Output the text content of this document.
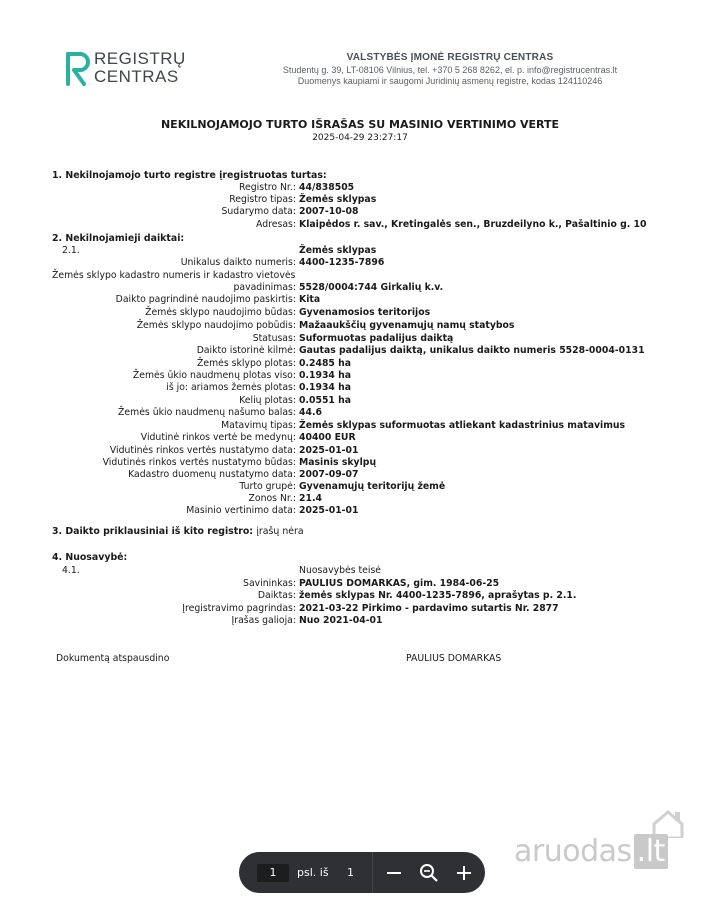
REGISTRŲ
CENTRAS
VALSTYBĖS ĮMONĖ REGISTRŲ CENTRAS
Studentų g. 39, LT-08106 Vilnius, tel. +370 5 268 8262, el. p. info@registrucentras.lt
Duomenys kaupiami ir saugomi Juridinių asmenų registre, kodas 124110246
NEKILNOJAMOJO TURTO IŠRAŠAS SU MASINIO VERTINIMO VERTE
2025-04-29 23:27:17
1. Nekilnojamojo turto registre įregistruotas turtas:
Registro Nr.: 44/838505
Registro tipas: Žemės sklypas
Sudarymo data: 2007-10-08
Adresas: Klaipėdos r. sav., Kretingalės sen., Bruzdeilyno k., Pašaltinio g. 10
2. Nekilnojamieji daiktai:
2.1.	Žemės sklypas
Unikalus daikto numeris: 4400-1235-7896
Žemės sklypo kadastro numeris ir kadastro vietovės
pavadinimas: 5528/0004:744 Girkalių k.v.
Daikto pagrindinė naudojimo paskirtis: Kita
Žemės sklypo naudojimo būdas: Gyvenamosios teritorijos
Žemės sklypo naudojimo pobūdis: Mažaaukščių gyvenamųjų namų statybos
Statusas: Suformuotas padalijus daiktą
Daikto istorinė kilmė: Gautas padalijus daiktą, unikalus daikto numeris 5528-0004-0131
Žemės sklypo plotas: 0.2485 ha
Žemės ūkio naudmenų plotas viso: 0.1934 ha
iš jo: ariamos žemės plotas: 0.1934 ha
Kelių plotas: 0.0551 ha
Žemės ūkio naudmenų našumo balas: 44.6
Matavimų tipas: Žemės sklypas suformuotas atliekant kadastrinius matavimus
Vidutinė rinkos vertė be medynų: 40400 EUR
Vidutinės rinkos vertės nustatymo data: 2025-01-01
Vidutinės rinkos vertės nustatymo būdas: Masinis skylpų
Kadastro duomenų nustatymo data: 2007-09-07
Turto grupė: Gyvenamųjų teritorijų žemė
Zonos Nr.: 21.4
Masinio vertinimo data: 2025-01-01
3. Daikto priklausiniai iš kito registro: įrašų nėra
4. Nuosavybė:
4.1.	Nuosavybės teisė
Savininkas: PAULIUS DOMARKAS, gim. 1984-06-25
Daiktas: žemės sklypas Nr. 4400-1235-7896, aprašytas p. 2.1.
Įregistravimo pagrindas: 2021-03-22 Pirkimo - pardavimo sutartis Nr. 2877
Įrašas galioja: Nuo 2021-04-01
Dokumentą atspausdino	PAULIUS DOMARKAS
aruodas .lt
1	psl. iš 1
